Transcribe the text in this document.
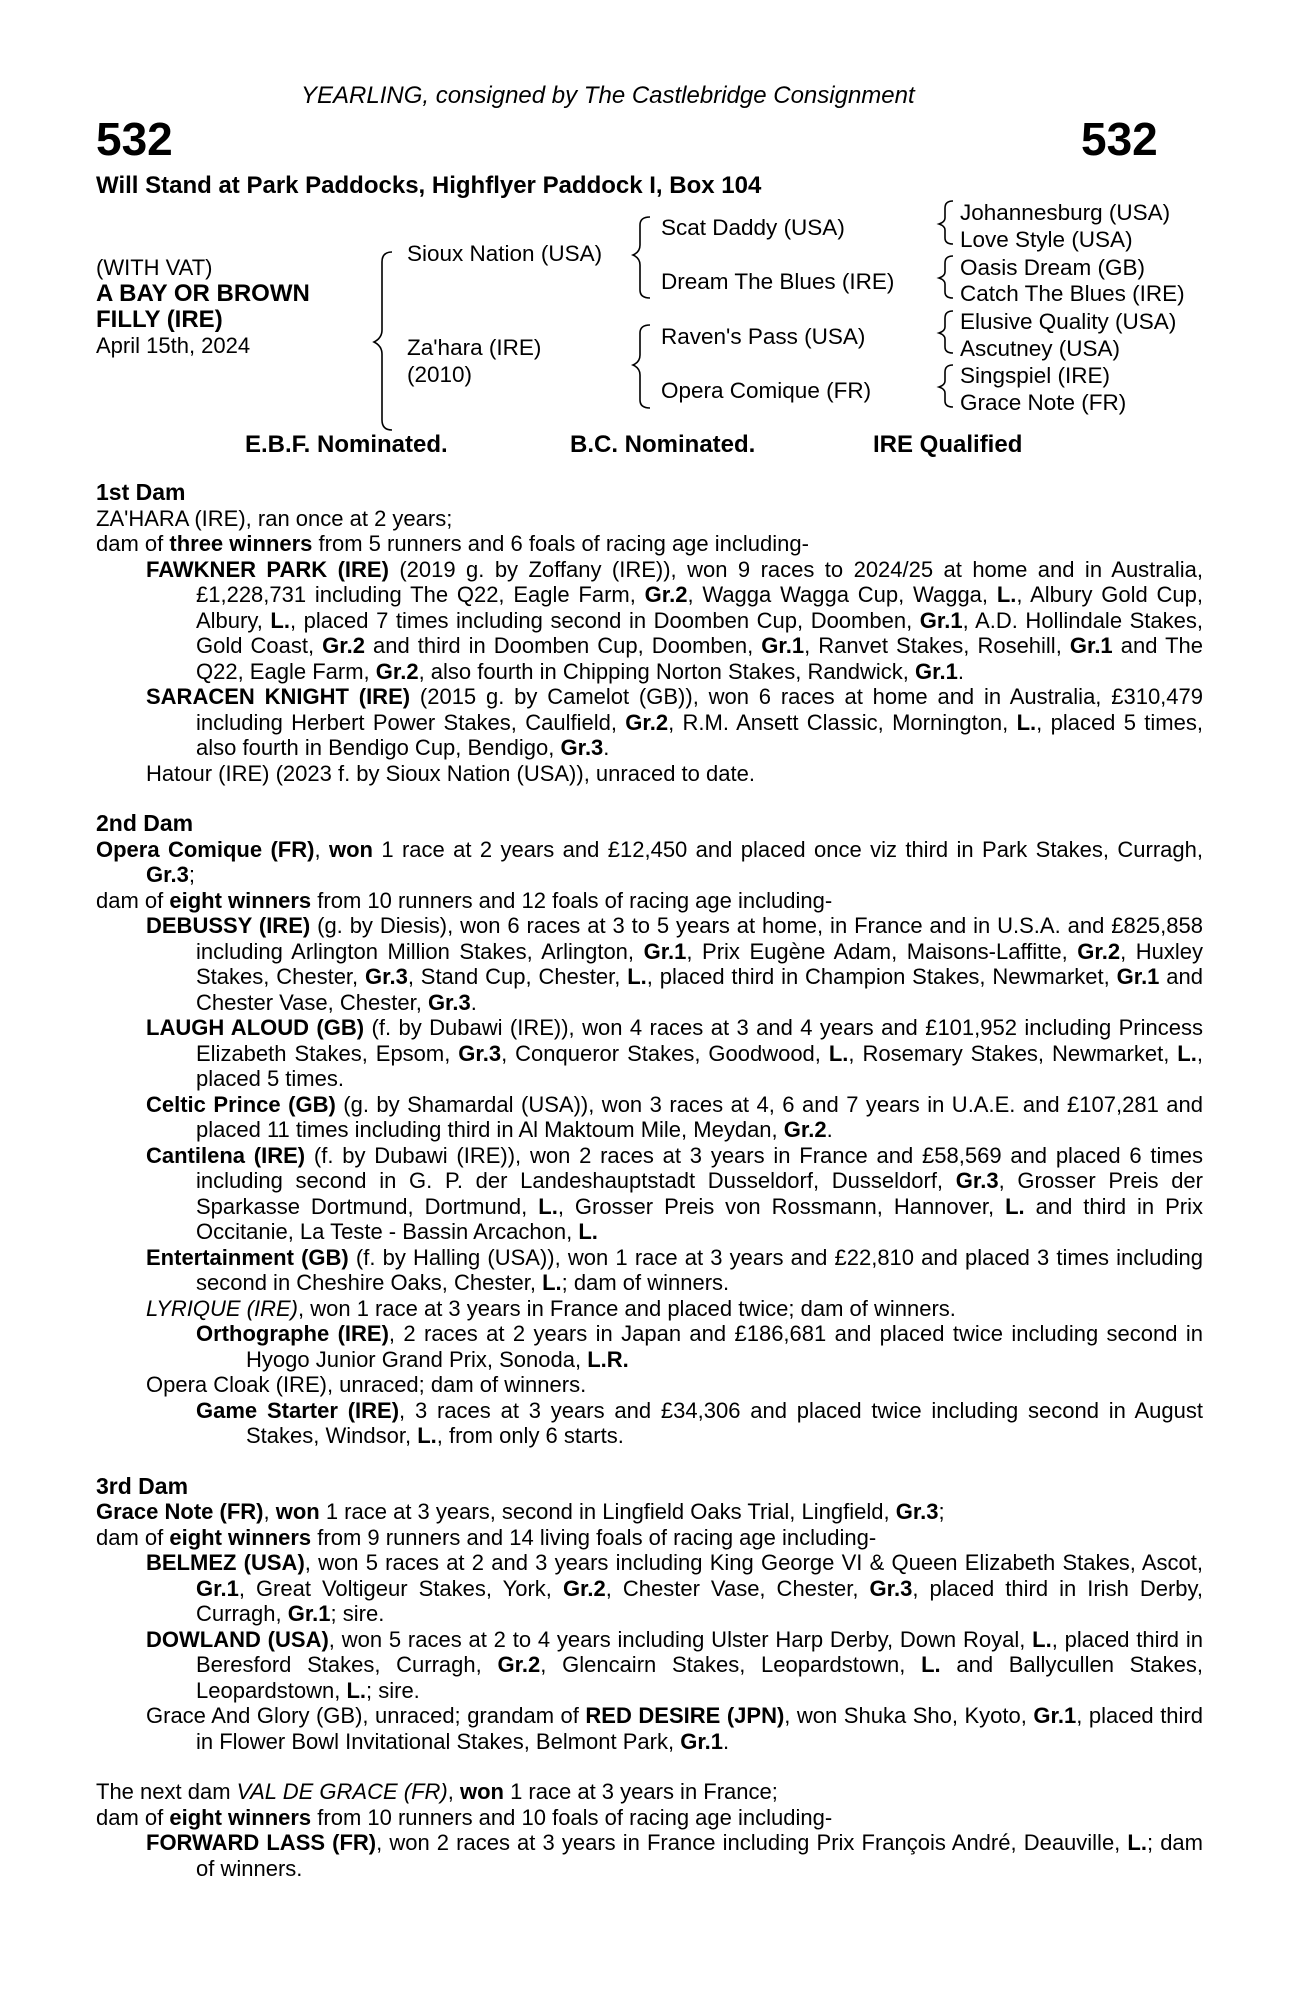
YEARLING, consigned by The Castlebridge Consignment
532	532
Will Stand at Park Paddocks, Highflyer Paddock I, Box 104
(WITH VAT)
A BAY OR BROWN
FILLY (IRE)
April 15th, 2024
Sioux Nation (USA)
Za'hara (IRE)
(2010)
Scat Daddy (USA)
Dream The Blues (IRE)
Raven's Pass (USA)
Opera Comique (FR)
Johannesburg (USA)
Love Style (USA)
Oasis Dream (GB)
Catch The Blues (IRE)
Elusive Quality (USA)
Ascutney (USA)
Singspiel (IRE)
Grace Note (FR)
E.B.F. Nominated.	B.C. Nominated.	IRE Qualified
1st Dam
ZA'HARA (IRE), ran once at 2 years;
dam of three winners from 5 runners and 6 foals of racing age including-
FAWKNER PARK (IRE) (2019 g. by Zoffany (IRE)), won 9 races to 2024/25 at home and in Australia, £1,228,731 including The Q22, Eagle Farm, Gr.2, Wagga Wagga Cup, Wagga, L., Albury Gold Cup, Albury, L., placed 7 times including second in Doomben Cup, Doomben, Gr.1, A.D. Hollindale Stakes, Gold Coast, Gr.2 and third in Doomben Cup, Doomben, Gr.1, Ranvet Stakes, Rosehill, Gr.1 and The Q22, Eagle Farm, Gr.2, also fourth in Chipping Norton Stakes, Randwick, Gr.1.
SARACEN KNIGHT (IRE) (2015 g. by Camelot (GB)), won 6 races at home and in Australia, £310,479 including Herbert Power Stakes, Caulfield, Gr.2, R.M. Ansett Classic, Mornington, L., placed 5 times, also fourth in Bendigo Cup, Bendigo, Gr.3.
Hatour (IRE) (2023 f. by Sioux Nation (USA)), unraced to date.
2nd Dam
Opera Comique (FR), won 1 race at 2 years and £12,450 and placed once viz third in Park Stakes, Curragh, Gr.3;
dam of eight winners from 10 runners and 12 foals of racing age including-
DEBUSSY (IRE) (g. by Diesis), won 6 races at 3 to 5 years at home, in France and in U.S.A. and £825,858 including Arlington Million Stakes, Arlington, Gr.1, Prix Eugène Adam, Maisons-Laffitte, Gr.2, Huxley Stakes, Chester, Gr.3, Stand Cup, Chester, L., placed third in Champion Stakes, Newmarket, Gr.1 and Chester Vase, Chester, Gr.3.
LAUGH ALOUD (GB) (f. by Dubawi (IRE)), won 4 races at 3 and 4 years and £101,952 including Princess Elizabeth Stakes, Epsom, Gr.3, Conqueror Stakes, Goodwood, L., Rosemary Stakes, Newmarket, L., placed 5 times.
Celtic Prince (GB) (g. by Shamardal (USA)), won 3 races at 4, 6 and 7 years in U.A.E. and £107,281 and placed 11 times including third in Al Maktoum Mile, Meydan, Gr.2.
Cantilena (IRE) (f. by Dubawi (IRE)), won 2 races at 3 years in France and £58,569 and placed 6 times including second in G. P. der Landeshauptstadt Dusseldorf, Dusseldorf, Gr.3, Grosser Preis der Sparkasse Dortmund, Dortmund, L., Grosser Preis von Rossmann, Hannover, L. and third in Prix Occitanie, La Teste - Bassin Arcachon, L.
Entertainment (GB) (f. by Halling (USA)), won 1 race at 3 years and £22,810 and placed 3 times including second in Cheshire Oaks, Chester, L.; dam of winners.
LYRIQUE (IRE), won 1 race at 3 years in France and placed twice; dam of winners.
Orthographe (IRE), 2 races at 2 years in Japan and £186,681 and placed twice including second in Hyogo Junior Grand Prix, Sonoda, L.R.
Opera Cloak (IRE), unraced; dam of winners.
Game Starter (IRE), 3 races at 3 years and £34,306 and placed twice including second in August Stakes, Windsor, L., from only 6 starts.
3rd Dam
Grace Note (FR), won 1 race at 3 years, second in Lingfield Oaks Trial, Lingfield, Gr.3;
dam of eight winners from 9 runners and 14 living foals of racing age including-
BELMEZ (USA), won 5 races at 2 and 3 years including King George VI & Queen Elizabeth Stakes, Ascot, Gr.1, Great Voltigeur Stakes, York, Gr.2, Chester Vase, Chester, Gr.3, placed third in Irish Derby, Curragh, Gr.1; sire.
DOWLAND (USA), won 5 races at 2 to 4 years including Ulster Harp Derby, Down Royal, L., placed third in Beresford Stakes, Curragh, Gr.2, Glencairn Stakes, Leopardstown, L. and Ballycullen Stakes, Leopardstown, L.; sire.
Grace And Glory (GB), unraced; grandam of RED DESIRE (JPN), won Shuka Sho, Kyoto, Gr.1, placed third in Flower Bowl Invitational Stakes, Belmont Park, Gr.1.
The next dam VAL DE GRACE (FR), won 1 race at 3 years in France;
dam of eight winners from 10 runners and 10 foals of racing age including-
FORWARD LASS (FR), won 2 races at 3 years in France including Prix François André, Deauville, L.; dam of winners.
